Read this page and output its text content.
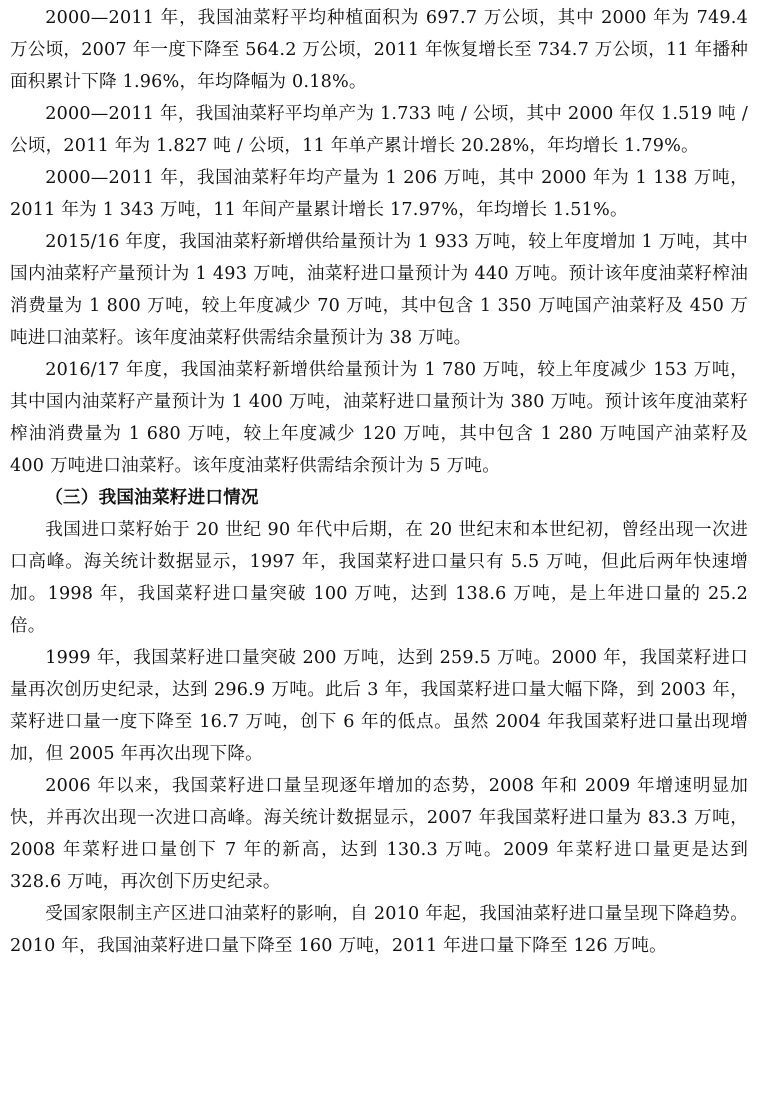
2000—2011 年，我国油菜籽平均种植面积为 697.7 万公顷，其中 2000 年为 749.4 万公顷，2007 年一度下降至 564.2 万公顷，2011 年恢复增长至 734.7 万公顷，11 年播种面积累计下降 1.96%，年均降幅为 0.18%。

2000—2011 年，我国油菜籽平均单产为 1.733 吨 / 公顷，其中 2000 年仅 1.519 吨 / 公顷，2011 年为 1.827 吨 / 公顷，11 年单产累计增长 20.28%，年均增长 1.79%。

2000—2011 年，我国油菜籽年均产量为 1 206 万吨，其中 2000 年为 1 138 万吨，2011 年为 1 343 万吨，11 年间产量累计增长 17.97%，年均增长 1.51%。

2015/16 年度，我国油菜籽新增供给量预计为 1 933 万吨，较上年度增加 1 万吨，其中国内油菜籽产量预计为 1 493 万吨，油菜籽进口量预计为 440 万吨。预计该年度油菜籽榨油消费量为 1 800 万吨，较上年度减少 70 万吨，其中包含 1 350 万吨国产油菜籽及 450 万吨进口油菜籽。该年度油菜籽供需结余量预计为 38 万吨。

2016/17 年度，我国油菜籽新增供给量预计为 1 780 万吨，较上年度减少 153 万吨，其中国内油菜籽产量预计为 1 400 万吨，油菜籽进口量预计为 380 万吨。预计该年度油菜籽榨油消费量为 1 680 万吨，较上年度减少 120 万吨，其中包含 1 280 万吨国产油菜籽及 400 万吨进口油菜籽。该年度油菜籽供需结余预计为 5 万吨。

（三）我国油菜籽进口情况

我国进口菜籽始于 20 世纪 90 年代中后期，在 20 世纪末和本世纪初，曾经出现一次进口高峰。海关统计数据显示，1997 年，我国菜籽进口量只有 5.5 万吨，但此后两年快速增加。1998 年，我国菜籽进口量突破 100 万吨，达到 138.6 万吨，是上年进口量的 25.2 倍。

1999 年，我国菜籽进口量突破 200 万吨，达到 259.5 万吨。2000 年，我国菜籽进口量再次创历史纪录，达到 296.9 万吨。此后 3 年，我国菜籽进口量大幅下降，到 2003 年，菜籽进口量一度下降至 16.7 万吨，创下 6 年的低点。虽然 2004 年我国菜籽进口量出现增加，但 2005 年再次出现下降。

2006 年以来，我国菜籽进口量呈现逐年增加的态势，2008 年和 2009 年增速明显加快，并再次出现一次进口高峰。海关统计数据显示，2007 年我国菜籽进口量为 83.3 万吨，2008 年菜籽进口量创下 7 年的新高，达到 130.3 万吨。2009 年菜籽进口量更是达到 328.6 万吨，再次创下历史纪录。

受国家限制主产区进口油菜籽的影响，自 2010 年起，我国油菜籽进口量呈现下降趋势。2010 年，我国油菜籽进口量下降至 160 万吨，2011 年进口量下降至 126 万吨。
